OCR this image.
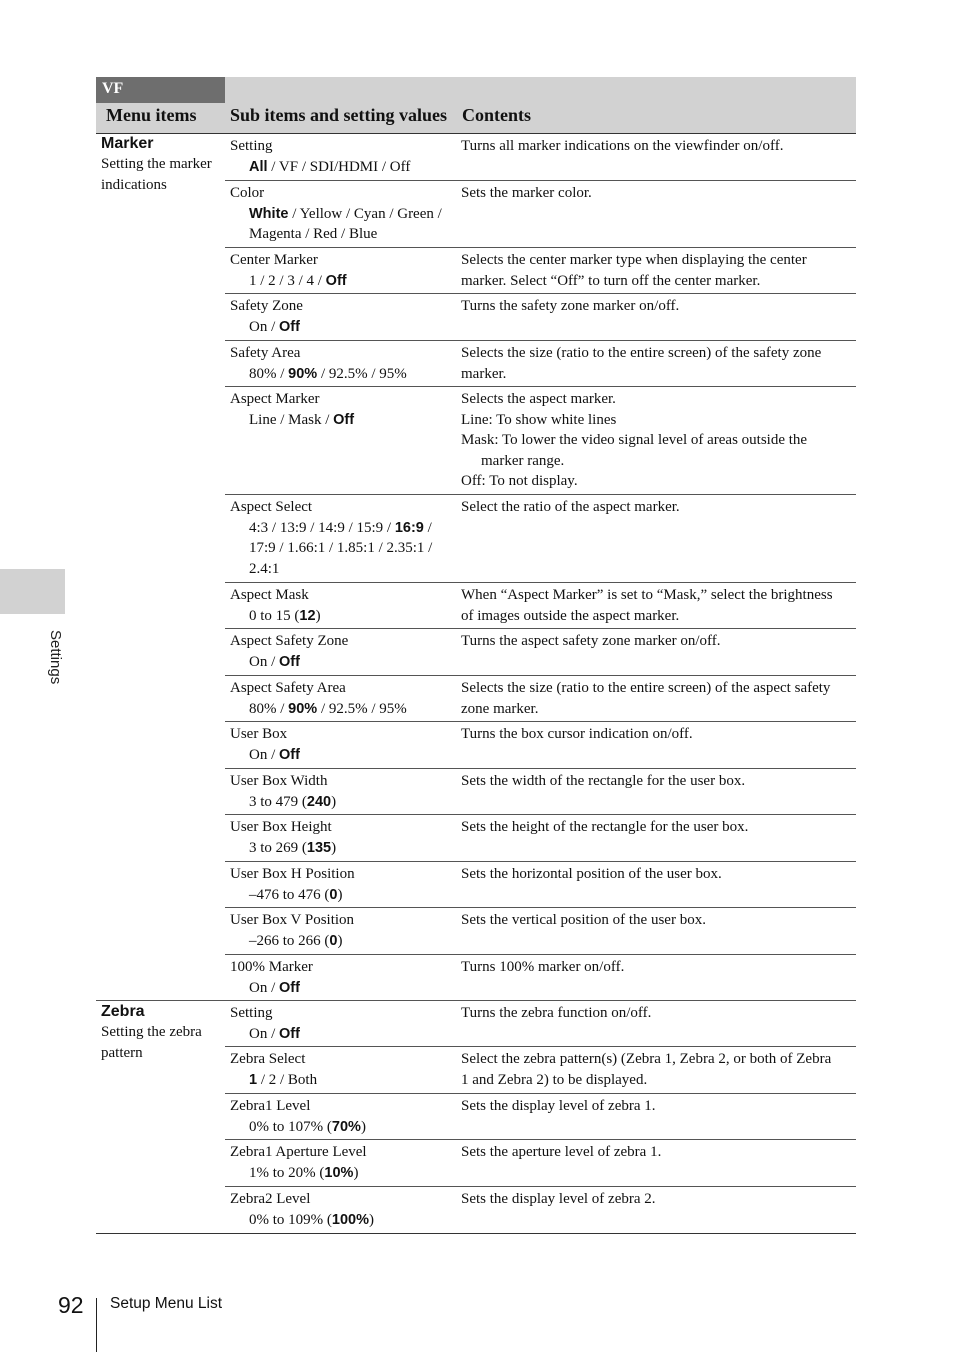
VF
Menu items Sub items and setting values Contents
Marker
Setting the marker
indications
Zebra
Setting the zebra
pattern
Setting
All / VF / SDI/HDMI / Off
Turns all marker indications on the viewfinder on/off.
Color
White / Yellow / Cyan / Green /
Magenta / Red / Blue
Sets the marker color.
Center Marker
1 / 2 / 3 / 4 / Off
Selects the center marker type when displaying the center
marker. Select “Off” to turn off the center marker.
Safety Zone
On / Off
Turns the safety zone marker on/off.
Safety Area
80% / 90% / 92.5% / 95%
Selects the size (ratio to the entire screen) of the safety zone
marker.
Aspect Marker
Line / Mask / Off
Selects the aspect marker.
Line: To show white lines
Mask: To lower the video signal level of areas outside the
marker range.
Off: To not display.
Aspect Select
4:3 / 13:9 / 14:9 / 15:9 / 16:9 /
17:9 / 1.66:1 / 1.85:1 / 2.35:1 /
2.4:1
Select the ratio of the aspect marker.
Aspect Mask
0 to 15 (12)
When “Aspect Marker” is set to “Mask,” select the brightness
of images outside the aspect marker.
Aspect Safety Zone
On / Off
Turns the aspect safety zone marker on/off.
Aspect Safety Area
80% / 90% / 92.5% / 95%
Selects the size (ratio to the entire screen) of the aspect safety
zone marker.
User Box
On / Off
Turns the box cursor indication on/off.
User Box Width
3 to 479 (240)
Sets the width of the rectangle for the user box.
User Box Height
3 to 269 (135)
Sets the height of the rectangle for the user box.
User Box H Position
–476 to 476 (0)
Sets the horizontal position of the user box.
User Box V Position
–266 to 266 (0)
Sets the vertical position of the user box.
100% Marker
On / Off
Turns 100% marker on/off.
Setting
On / Off
Turns the zebra function on/off.
Zebra Select
1 / 2 / Both
Select the zebra pattern(s) (Zebra 1, Zebra 2, or both of Zebra
1 and Zebra 2) to be displayed.
Zebra1 Level
0% to 107% (70%)
Sets the display level of zebra 1.
Zebra1 Aperture Level
1% to 20% (10%)
Sets the aperture level of zebra 1.
Zebra2 Level
0% to 109% (100%)
Sets the display level of zebra 2.
Settings
92 Setup Menu List
